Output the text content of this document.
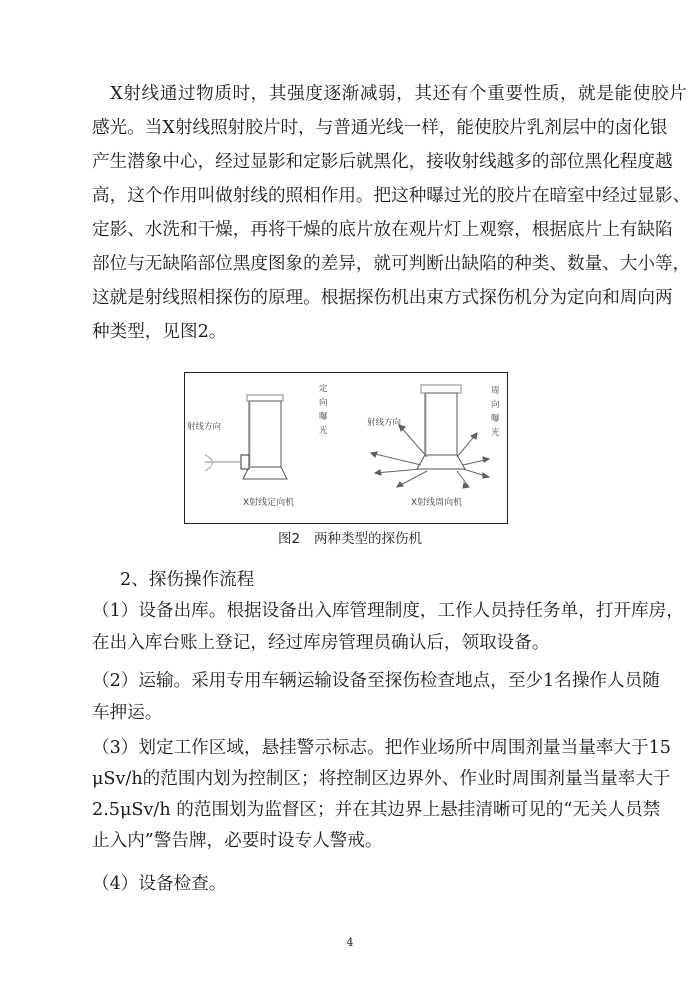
　X射线通过物质时，其强度逐渐减弱，其还有个重要性质，就是能使胶片
感光。当X射线照射胶片时，与普通光线一样，能使胶片乳剂层中的卤化银
产生潜象中心，经过显影和定影后就黑化，接收射线越多的部位黑化程度越
高，这个作用叫做射线的照相作用。把这种曝过光的胶片在暗室中经过显影、
定影、水洗和干燥，再将干燥的底片放在观片灯上观察，根据底片上有缺陷
部位与无缺陷部位黑度图象的差异，就可判断出缺陷的种类、数量、大小等，
这就是射线照相探伤的原理。根据探伤机出束方式探伤机分为定向和周向两
种类型，见图2。
射线方向
定
向
曝
光
X射线定向机
射线方向
周
向
曝
光
X射线周向机
图2 两种类型的探伤机
2、探伤操作流程
（1）设备出库。根据设备出入库管理制度，工作人员持任务单，打开库房，
在出入库台账上登记，经过库房管理员确认后，领取设备。
（2）运输。采用专用车辆运输设备至探伤检查地点，至少1名操作人员随
车押运。
（3）划定工作区域，悬挂警示标志。把作业场所中周围剂量当量率大于15
μSv/h的范围内划为控制区；将控制区边界外、作业时周围剂量当量率大于
2.5μSv/h 的范围划为监督区；并在其边界上悬挂清晰可见的“无关人员禁
止入内”警告牌，必要时设专人警戒。
（4）设备检查。
4
